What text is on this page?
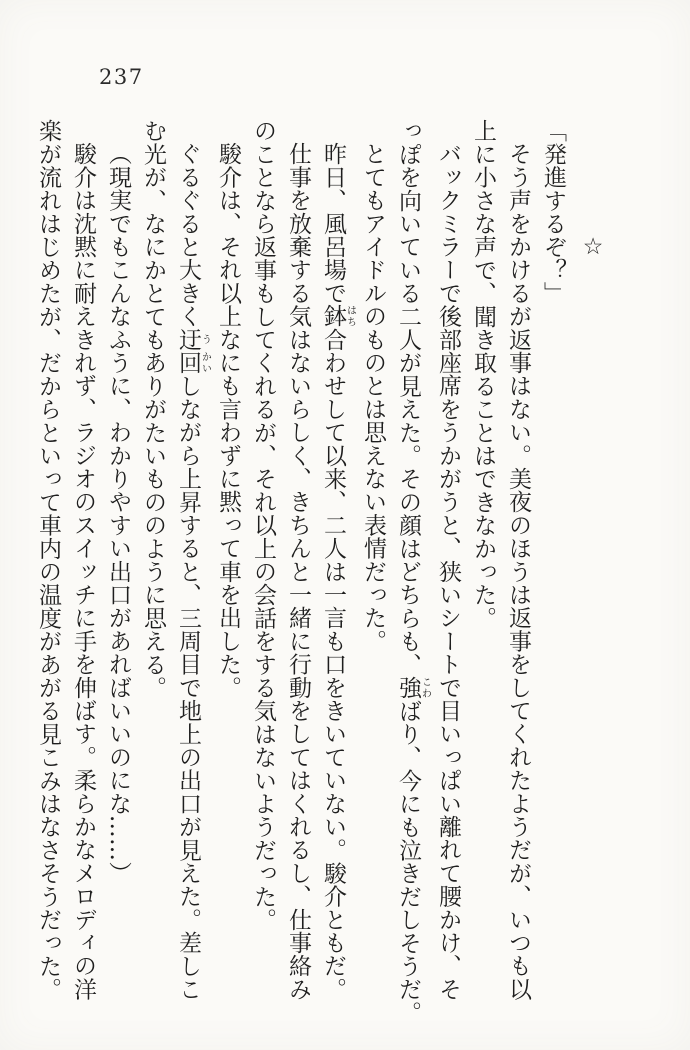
237

☆

「発進するぞ？」

そう声をかけるが返事はない。美夜のほうは返事をしてくれたようだが、いつも以

上に小さな声で、聞き取ることはできなかった。

バックミラーで後部座席をうかがうと、狭いシートで目いっぱい離れて腰かけ、そ

っぽを向いている二人が見えた。その顔はどちらも、強こわばり、今にも泣きだしそうだ。

とてもアイドルのものとは思えない表情だった。

昨日、風呂場で鉢はち合わせして以来、二人は一言も口をきいていない。駿介ともだ。

仕事を放棄する気はないらしく、きちんと一緒に行動をしてはくれるし、仕事絡み

のことなら返事もしてくれるが、それ以上の会話をする気はないようだった。

駿介は、それ以上なにも言わずに黙って車を出した。

ぐるぐると大きく迂う回かいしながら上昇すると、三周目で地上の出口が見えた。差しこ

む光が、なにかとてもありがたいもののように思える。

（現実でもこんなふうに、わかりやすい出口があればいいのにな……）

駿介は沈黙に耐えきれず、ラジオのスイッチに手を伸ばす。柔らかなメロディの洋

楽が流れはじめたが、だからといって車内の温度があがる見こみはなさそうだった。
